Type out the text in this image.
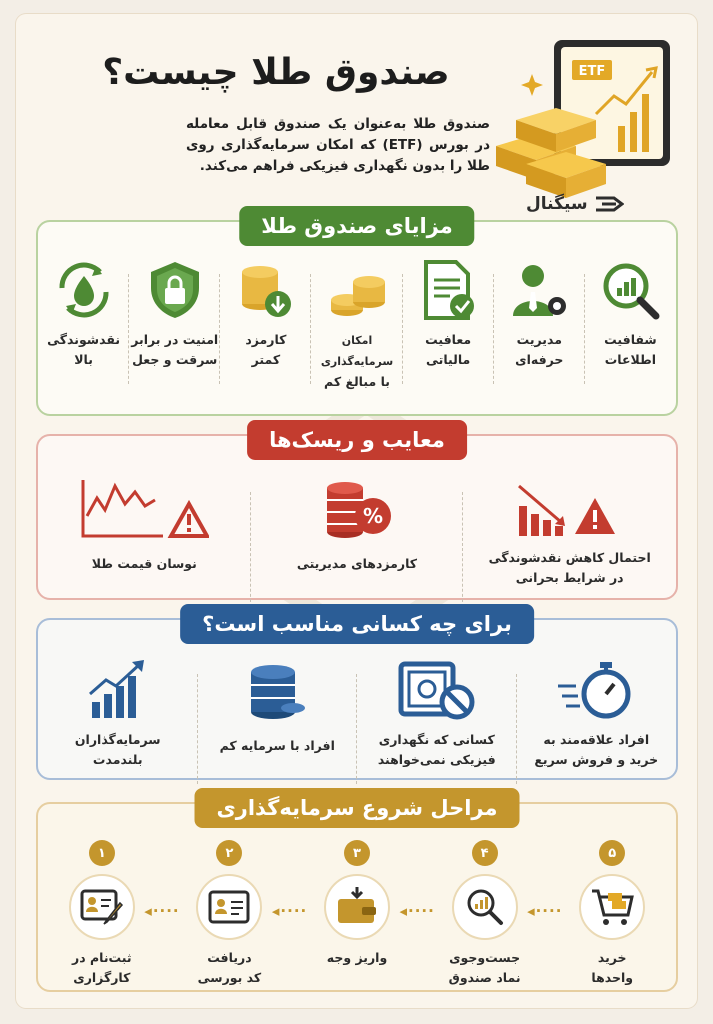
صندوق طلا چیست؟
صندوق طلا به‌عنوان یک صندوق قابل معامله در بورس (ETF) که امکان سرمایه‌گذاری روی طلا را بدون نگهداری فیزیکی فراهم می‌کند.
ETF
سیگنال
مزایای صندوق طلا
شفافیت
اطلاعات
مدیریت
حرفه‌ای
معافیت
مالیاتی
امکان سرمایه‌گذاری
با مبالغ کم
کارمزد
کمتر
امنیت در برابر
سرقت و جعل
نقدشوندگی
بالا
معایب و ریسک‌ها
احتمال کاهش نقدشوندگی
در شرایط بحرانی
%
کارمزدهای مدیریتی
نوسان قیمت طلا
برای چه کسانی مناسب است؟
افراد علاقه‌مند به
خرید و فروش سریع
کسانی که نگهداری
فیزیکی نمی‌خواهند
افراد با سرمایه کم
سرمایه‌گذاران
بلندمدت
مراحل شروع سرمایه‌گذاری
۵
خرید
واحدها
◂····
۴
جست‌وجوی
نماد صندوق
◂····
۳
واریز وجه
◂····
۲
دریافت
کد بورسی
◂····
۱
ثبت‌نام در
کارگزاری
